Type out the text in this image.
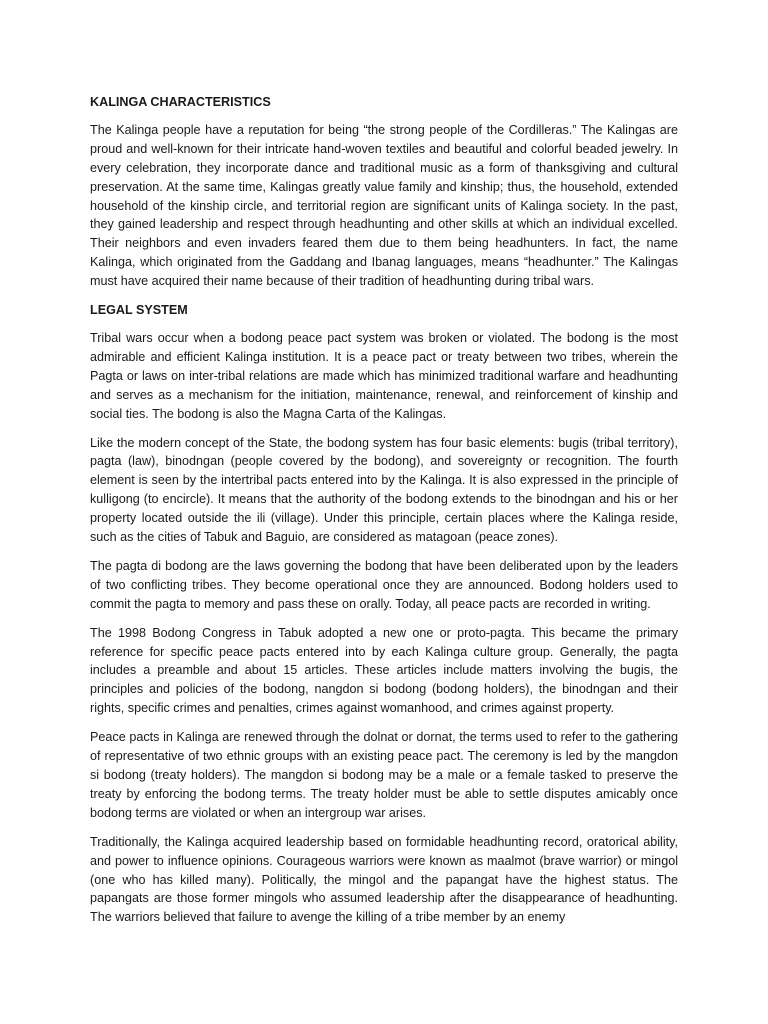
KALINGA CHARACTERISTICS

The Kalinga people have a reputation for being “the strong people of the Cordilleras.” The Kalingas are proud and well-known for their intricate hand-woven textiles and beautiful and colorful beaded jewelry. In every celebration, they incorporate dance and traditional music as a form of thanksgiving and cultural preservation. At the same time, Kalingas greatly value family and kinship; thus, the household, extended household of the kinship circle, and territorial region are significant units of Kalinga society. In the past, they gained leadership and respect through headhunting and other skills at which an individual excelled. Their neighbors and even invaders feared them due to them being headhunters. In fact, the name Kalinga, which originated from the Gaddang and Ibanag languages, means “headhunter.” The Kalingas must have acquired their name because of their tradition of headhunting during tribal wars.

LEGAL SYSTEM

Tribal wars occur when a bodong peace pact system was broken or violated. The bodong is the most admirable and efficient Kalinga institution. It is a peace pact or treaty between two tribes, wherein the Pagta or laws on inter-tribal relations are made which has minimized traditional warfare and headhunting and serves as a mechanism for the initiation, maintenance, renewal, and reinforcement of kinship and social ties. The bodong is also the Magna Carta of the Kalingas.

Like the modern concept of the State, the bodong system has four basic elements: bugis (tribal territory), pagta (law), binodngan (people covered by the bodong), and sovereignty or recognition. The fourth element is seen by the intertribal pacts entered into by the Kalinga. It is also expressed in the principle of kulligong (to encircle). It means that the authority of the bodong extends to the binodngan and his or her property located outside the ili (village). Under this principle, certain places where the Kalinga reside, such as the cities of Tabuk and Baguio, are considered as matagoan (peace zones).

The pagta di bodong are the laws governing the bodong that have been deliberated upon by the leaders of two conflicting tribes. They become operational once they are announced. Bodong holders used to commit the pagta to memory and pass these on orally. Today, all peace pacts are recorded in writing.

The 1998 Bodong Congress in Tabuk adopted a new one or proto-pagta. This became the primary reference for specific peace pacts entered into by each Kalinga culture group. Generally, the pagta includes a preamble and about 15 articles. These articles include matters involving the bugis, the principles and policies of the bodong, nangdon si bodong (bodong holders), the binodngan and their rights, specific crimes and penalties, crimes against womanhood, and crimes against property.

Peace pacts in Kalinga are renewed through the dolnat or dornat, the terms used to refer to the gathering of representative of two ethnic groups with an existing peace pact. The ceremony is led by the mangdon si bodong (treaty holders). The mangdon si bodong may be a male or a female tasked to preserve the treaty by enforcing the bodong terms. The treaty holder must be able to settle disputes amicably once bodong terms are violated or when an intergroup war arises.

Traditionally, the Kalinga acquired leadership based on formidable headhunting record, oratorical ability, and power to influence opinions. Courageous warriors were known as maalmot (brave warrior) or mingol (one who has killed many). Politically, the mingol and the papangat have the highest status. The papangats are those former mingols who assumed leadership after the disappearance of headhunting. The warriors believed that failure to avenge the killing of a tribe member by an enemy
